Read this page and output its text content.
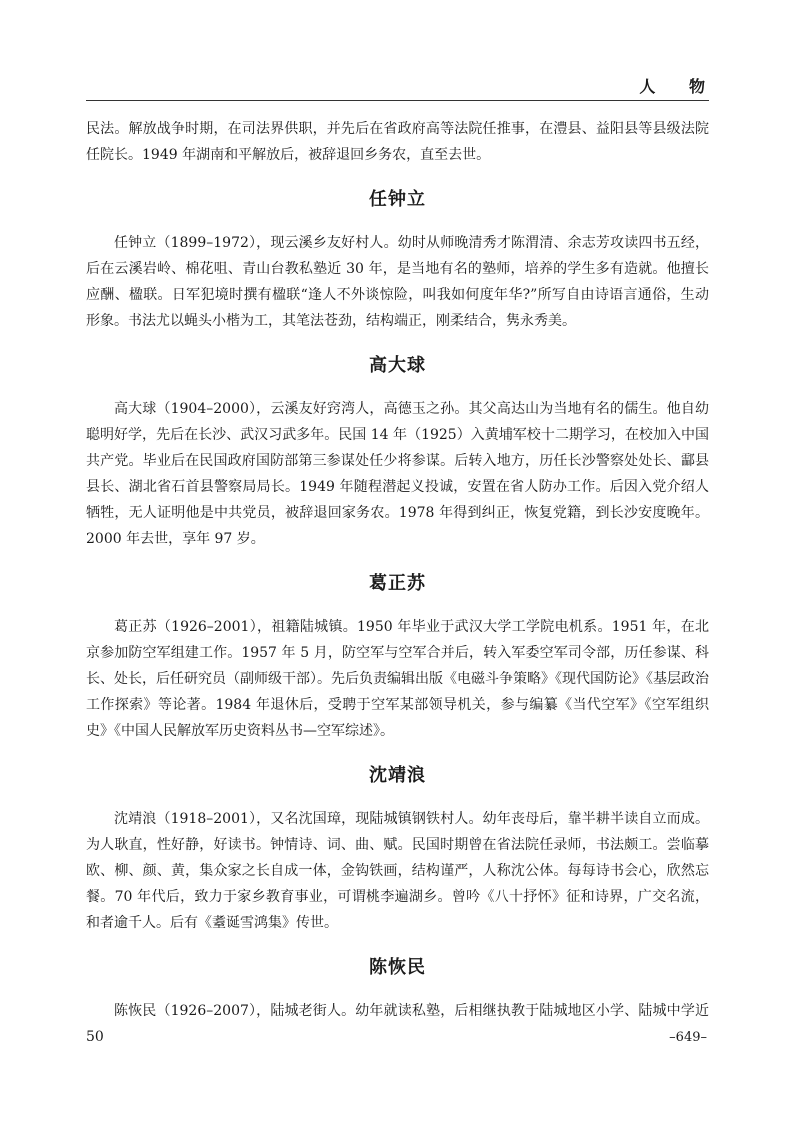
人 物

民法。解放战争时期，在司法界供职，并先后在省政府高等法院任推事，在澧县、益阳县等县级法院任院长。1949 年湖南和平解放后，被辞退回乡务农，直至去世。

任钟立

任钟立（1899–1972），现云溪乡友好村人。幼时从师晚清秀才陈渭清、余志芳攻读四书五经，后在云溪岩岭、棉花咀、青山台教私塾近 30 年，是当地有名的塾师，培养的学生多有造就。他擅长应酬、楹联。日军犯境时撰有楹联“逢人不外谈惊险，叫我如何度年华?”所写自由诗语言通俗，生动形象。书法尤以蝇头小楷为工，其笔法苍劲，结构端正，刚柔结合，隽永秀美。

高大球

高大球（1904–2000），云溪友好窍湾人，高德玉之孙。其父高达山为当地有名的儒生。他自幼聪明好学，先后在长沙、武汉习武多年。民国 14 年（1925）入黄埔军校十二期学习，在校加入中国共产党。毕业后在民国政府国防部第三参谋处任少将参谋。后转入地方，历任长沙警察处处长、酃县县长、湖北省石首县警察局局长。1949 年随程潜起义投诚，安置在省人防办工作。后因入党介绍人牺牲，无人证明他是中共党员，被辞退回家务农。1978 年得到纠正，恢复党籍，到长沙安度晚年。2000 年去世，享年 97 岁。

葛正苏

葛正苏（1926–2001），祖籍陆城镇。1950 年毕业于武汉大学工学院电机系。1951 年，在北京参加防空军组建工作。1957 年 5 月，防空军与空军合并后，转入军委空军司令部，历任参谋、科长、处长，后任研究员（副师级干部）。先后负责编辑出版《电磁斗争策略》《现代国防论》《基层政治工作探索》等论著。1984 年退休后，受聘于空军某部领导机关，参与编纂《当代空军》《空军组织史》《中国人民解放军历史资料丛书—空军综述》。

沈靖浪

沈靖浪（1918–2001），又名沈国璋，现陆城镇钢铁村人。幼年丧母后，靠半耕半读自立而成。为人耿直，性好静，好读书。钟情诗、词、曲、赋。民国时期曾在省法院任录师，书法颇工。尝临摹欧、柳、颜、黄，集众家之长自成一体，金钩铁画，结构谨严，人称沈公体。每每诗书会心，欣然忘餐。70 年代后，致力于家乡教育事业，可谓桃李遍湖乡。曾吟《八十抒怀》征和诗界，广交名流，和者逾千人。后有《耋诞雪鸿集》传世。

陈恢民

陈恢民（1926–2007），陆城老街人。幼年就读私塾，后相继执教于陆城地区小学、陆城中学近 50	–649–
